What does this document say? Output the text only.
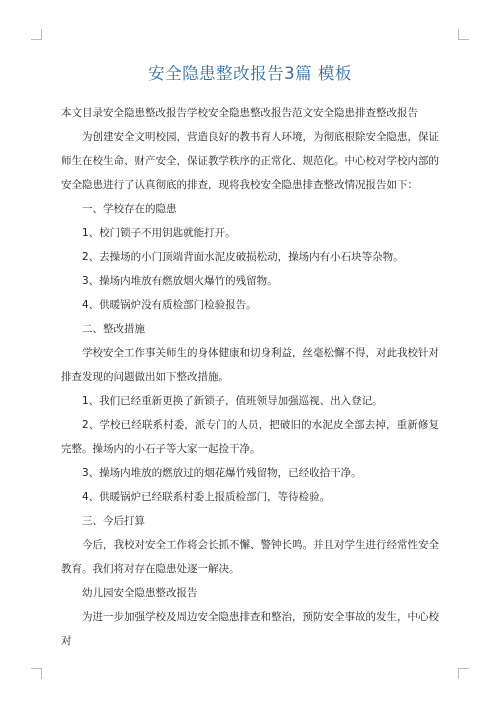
安全隐患整改报告3篇 模板

本文目录安全隐患整改报告学校安全隐患整改报告范文安全隐患排查整改报告

为创建安全文明校园，营造良好的教书育人环境，为彻底根除安全隐患，保证师生在校生命、财产安全，保证教学秩序的正常化、规范化。中心校对学校内部的安全隐患进行了认真彻底的排查，现将我校安全隐患排查整改情况报告如下：

一、学校存在的隐患

1、校门锁子不用钥匙就能打开。

2、去操场的小门顶端背面水泥皮破损松动，操场内有小石块等杂物。

3、操场内堆放有燃放烟火爆竹的残留物。

4、供暖锅炉没有质检部门检验报告。

二、整改措施

学校安全工作事关师生的身体健康和切身利益，丝毫松懈不得，对此我校针对排查发现的问题做出如下整改措施。

1、我们已经重新更换了新锁子，值班领导加强巡视、出入登记。

2、学校已经联系村委，派专门的人员，把破旧的水泥皮全部去掉，重新修复完整。操场内的小石子等大家一起捡干净。

3、操场内堆放的燃放过的烟花爆竹残留物，已经收拾干净。

4、供暖锅炉已经联系村委上报质检部门，等待检验。

三、今后打算

今后，我校对安全工作将会长抓不懈、警钟长鸣。并且对学生进行经常性安全教育。我们将对存在隐患处逐一解决。

幼儿园安全隐患整改报告

为进一步加强学校及周边安全隐患排查和整治，预防安全事故的发生，中心校对
